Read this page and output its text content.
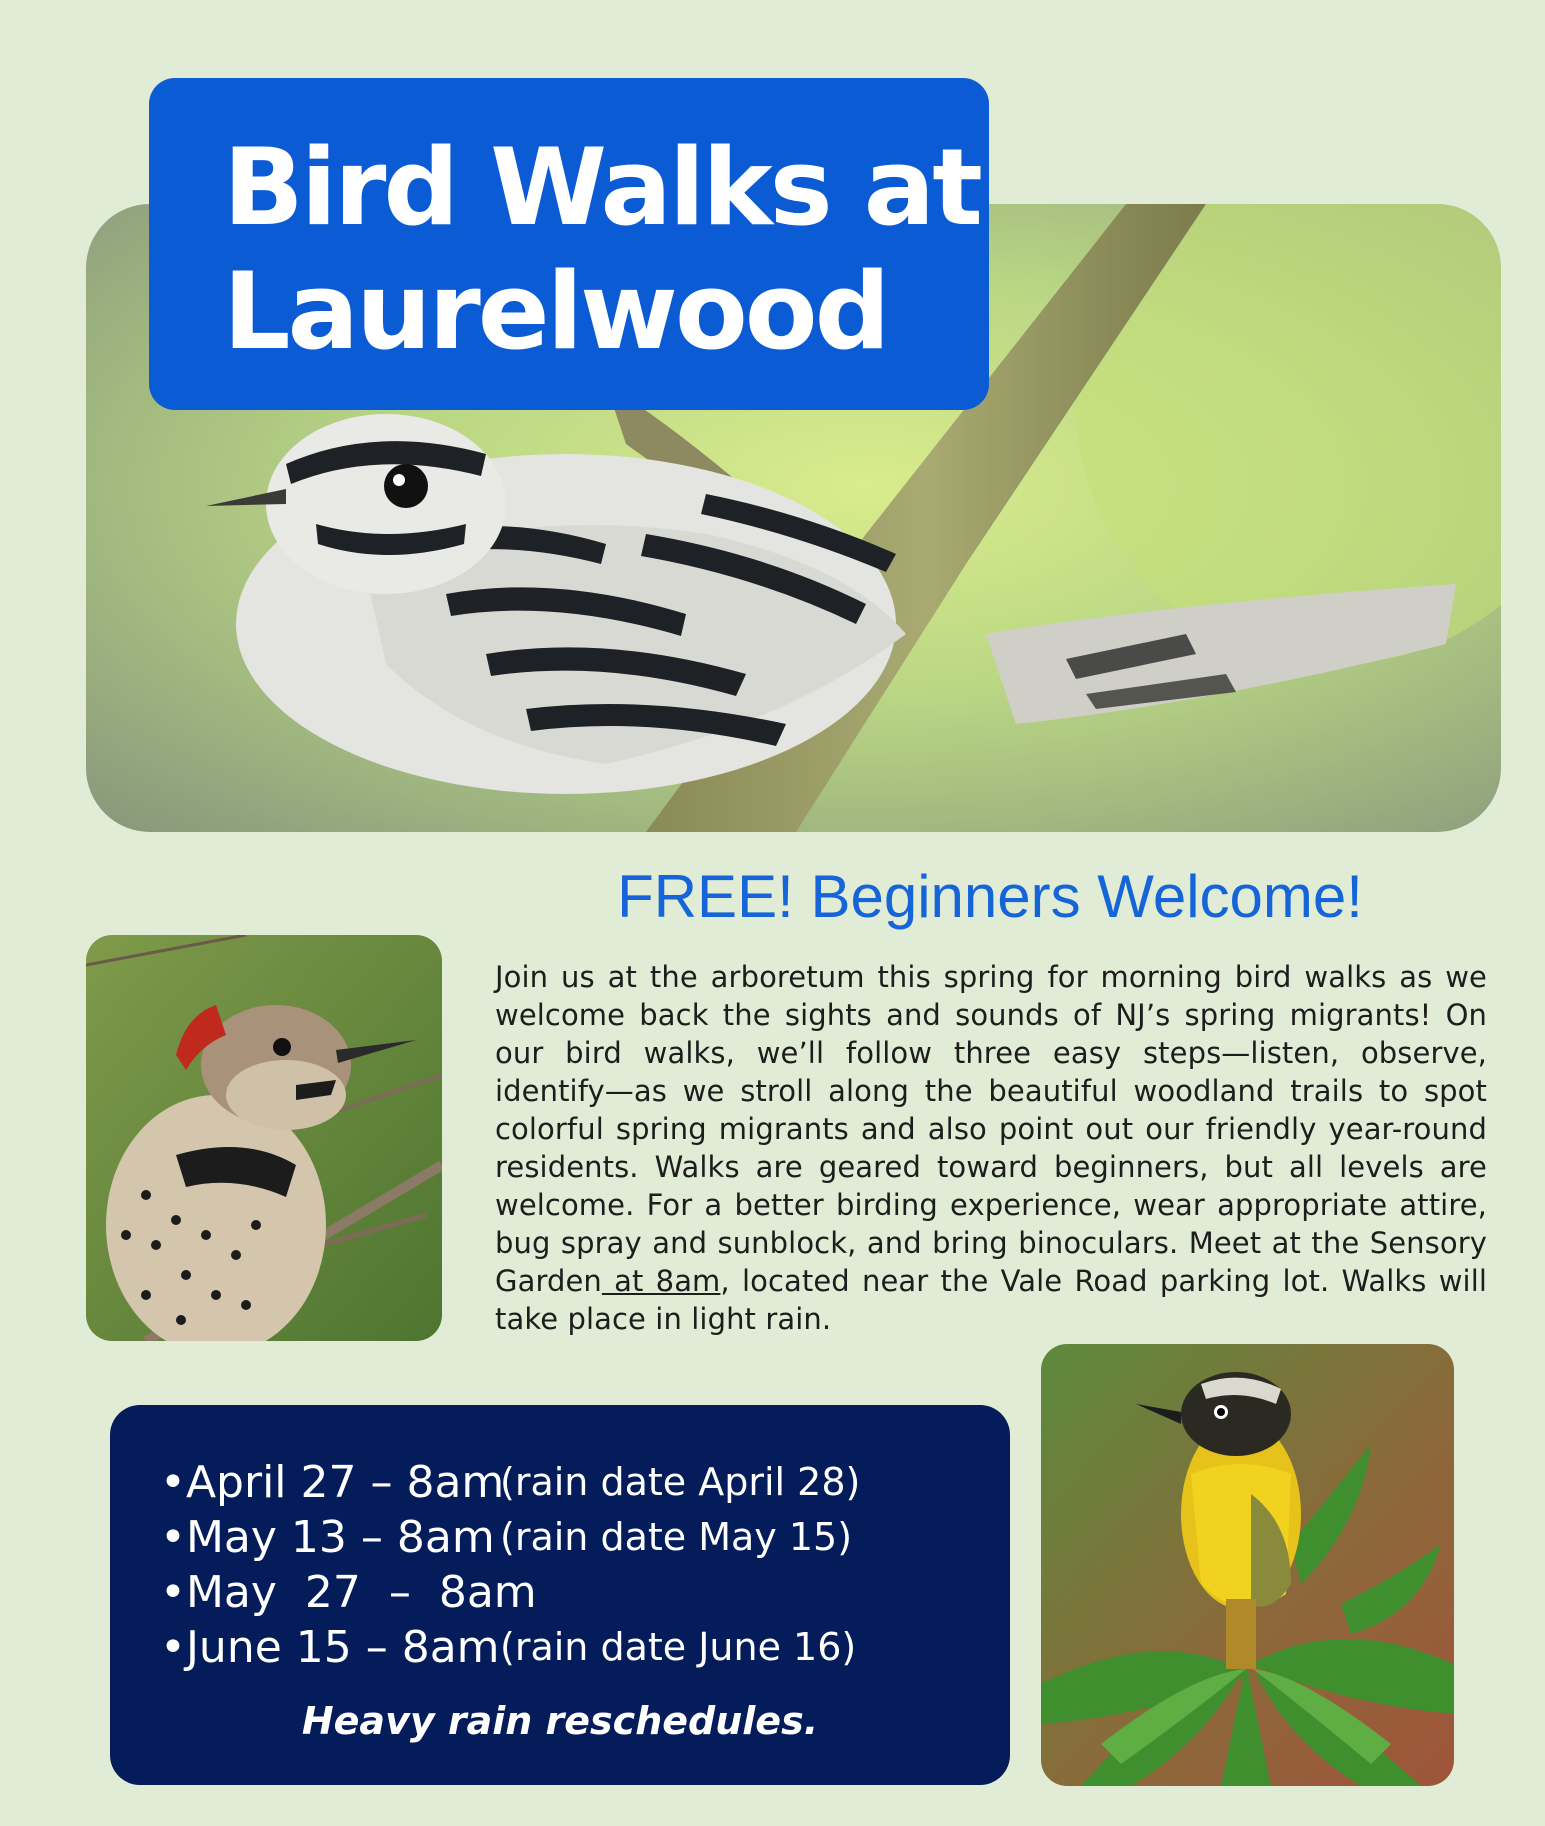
Bird Walks at
Laurelwood
FREE! Beginners Welcome!

Join us at the arboretum this spring for morning bird walks as we welcome back the sights and sounds of NJ’s spring migrants! On our bird walks, we’ll follow three easy steps—listen, observe, identify—as we stroll along the beautiful woodland trails to spot colorful spring migrants and also point out our friendly year-round residents. Walks are geared toward beginners, but all levels are welcome. For a better birding experience, wear appropriate attire, bug spray and sunblock, and bring binoculars. Meet at the Sensory Garden at 8am, located near the Vale Road parking lot. Walks will take place in light rain.

•April 27 – 8am
(rain date April 28)
•May 13 – 8am (rain date May 15)
•May  27  –  8am
•June 15 – 8am (rain date June 16)
Heavy rain reschedules.
